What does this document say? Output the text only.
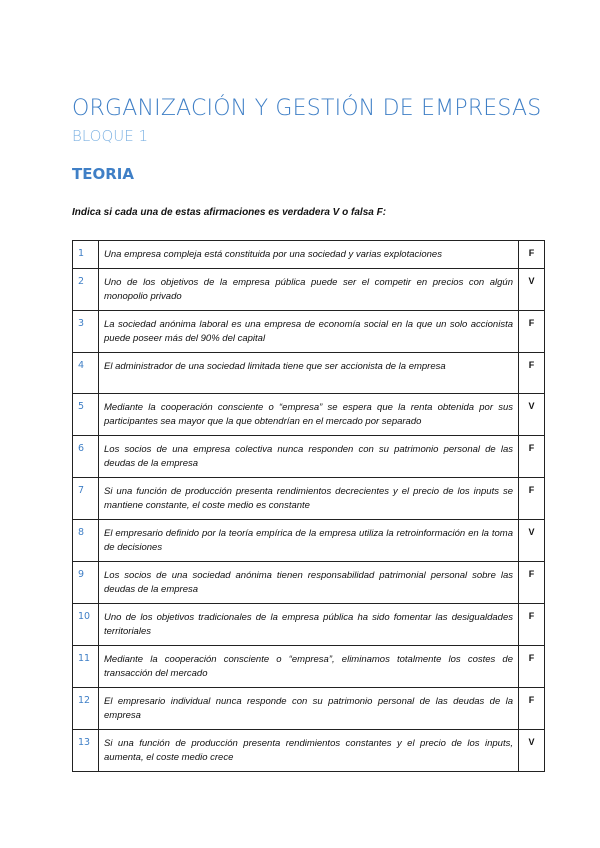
ORGANIZACIÓN Y GESTIÓN DE EMPRESAS
BLOQUE 1
TEORIA

Indica si cada una de estas afirmaciones es verdadera V o falsa F:

1	Una empresa compleja está constituida por una sociedad y varias explotaciones	F
2	Uno de los objetivos de la empresa pública puede ser el competir en precios con algún monopolio privado	V
3	La sociedad anónima laboral es una empresa de economía social en la que un solo accionista puede poseer más del 90% del capital	F
4	El administrador de una sociedad limitada tiene que ser accionista de la empresa	F
5	Mediante la cooperación consciente o “empresa” se espera que la renta obtenida por sus participantes sea mayor que la que obtendrían en el mercado por separado	V
6	Los socios de una empresa colectiva nunca responden con su patrimonio personal de las deudas de la empresa	F
7	Si una función de producción presenta rendimientos decrecientes y el precio de los inputs se mantiene constante, el coste medio es constante	F
8	El empresario definido por la teoría empírica de la empresa utiliza la retroinformación en la toma de decisiones	V
9	Los socios de una sociedad anónima tienen responsabilidad patrimonial personal sobre las deudas de la empresa	F
10	Uno de los objetivos tradicionales de la empresa pública ha sido fomentar las desigualdades territoriales	F
11	Mediante la cooperación consciente o “empresa”, eliminamos totalmente los costes de transacción del mercado	F
12	El empresario individual nunca responde con su patrimonio personal de las deudas de la empresa	F
13	Si una función de producción presenta rendimientos constantes y el precio de los inputs, aumenta, el coste medio crece	V
